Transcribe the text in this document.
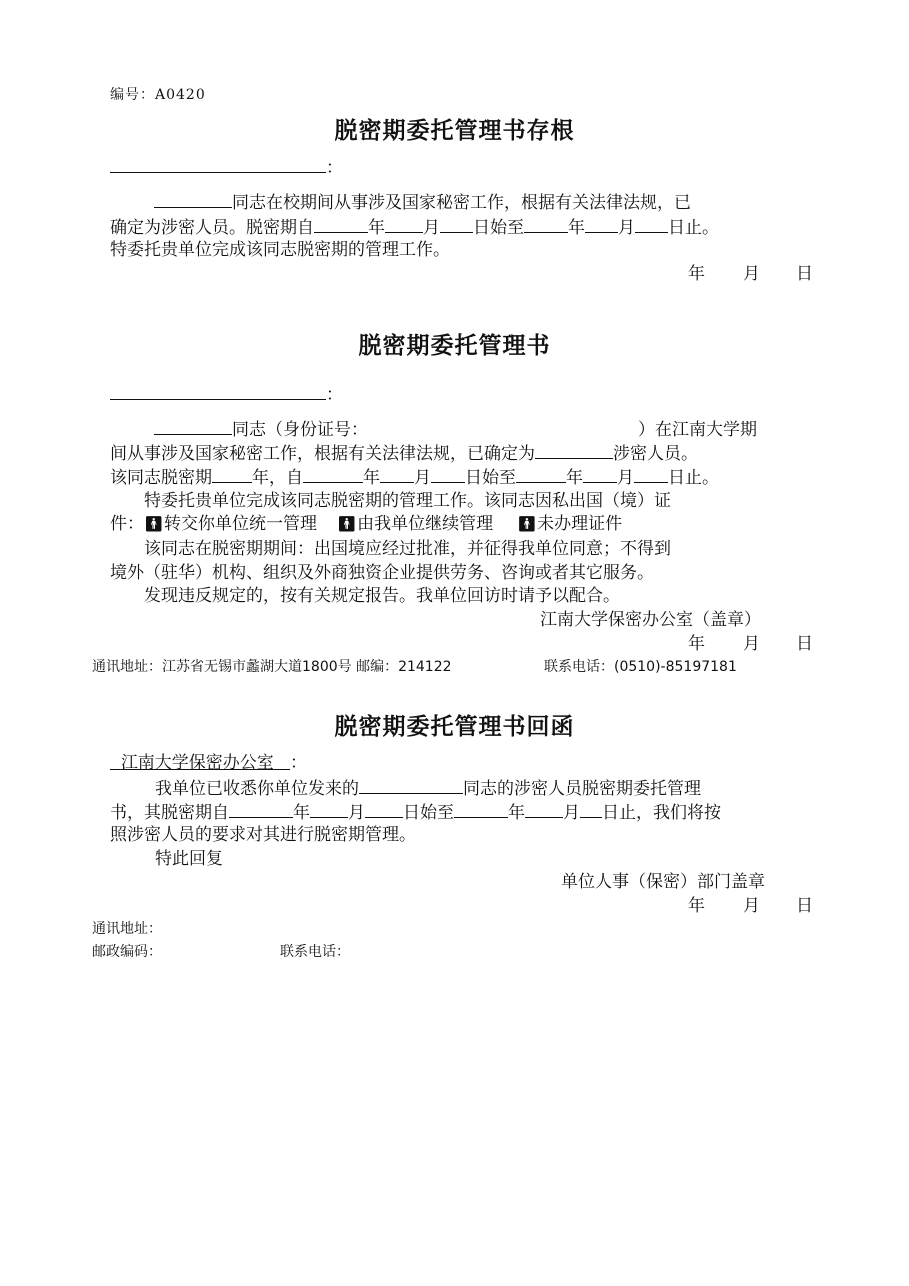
编号：A0420
脱密期委托管理书存根
：
同志在校期间从事涉及国家秘密工作，根据有关法律法规，已
确定为涉密人员。脱密期自	年 月 日始至	年 月 日止。
特委托贵单位完成该同志脱密期的管理工作。
年 月 日
脱密期委托管理书
：
同志（身份证号：	）在江南大学期
间从事涉及国家秘密工作，根据有关法律法规，已确定为	涉密人员。
该同志脱密期 年，自	年 月 日始至	年 月 日止。
特委托贵单位完成该同志脱密期的管理工作。该同志因私出国（境）证
件：🚹︎转交你单位统一管理 🚹︎由我单位继续管理 🚹︎未办理证件
该同志在脱密期期间：出国境应经过批准，并征得我单位同意；不得到
境外（驻华）机构、组织及外商独资企业提供劳务、咨询或者其它服务。
发现违反规定的，按有关规定报告。我单位回访时请予以配合。
江南大学保密办公室（盖章）
年 月 日
通讯地址：江苏省无锡市蠡湖大道1800号 邮编：214122	联系电话：(0510)-85197181
脱密期委托管理书回函
江南大学保密办公室 ：
我单位已收悉你单位发来的	同志的涉密人员脱密期委托管理
书，其脱密期自	年 月 日始至	年 月 日止，我们将按
照涉密人员的要求对其进行脱密期管理。
特此回复
单位人事（保密）部门盖章
年 月 日
通讯地址：
邮政编码：	联系电话：
